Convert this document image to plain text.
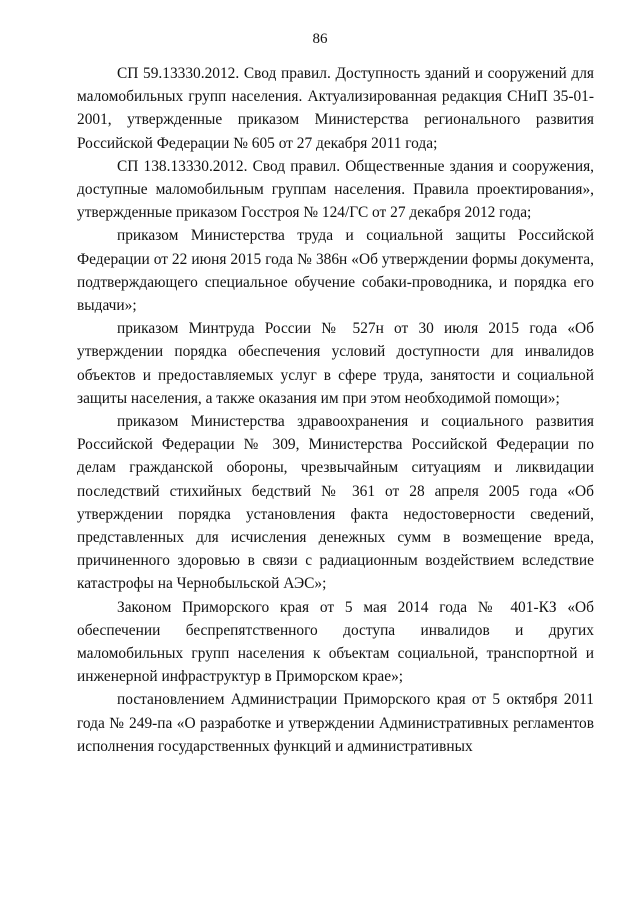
86

СП 59.13330.2012. Свод правил. Доступность зданий и сооружений для маломобильных групп населения. Актуализированная редакция СНиП 35-01-2001, утвержденные приказом Министерства регионального развития Российской Федерации № 605 от 27 декабря 2011 года;

СП 138.13330.2012. Свод правил. Общественные здания и сооружения, доступные маломобильным группам населения. Правила проектирования», утвержденные приказом Госстроя № 124/ГС от 27 декабря 2012 года;

приказом Министерства труда и социальной защиты Российской Федерации от 22 июня 2015 года № 386н «Об утверждении формы документа, подтверждающего специальное обучение собаки-проводника, и порядка его выдачи»;

приказом Минтруда России № 527н от 30 июля 2015 года «Об утверждении порядка обеспечения условий доступности для инвалидов объектов и предоставляемых услуг в сфере труда, занятости и социальной защиты населения, а также оказания им при этом необходимой помощи»;

приказом Министерства здравоохранения и социального развития Российской Федерации № 309, Министерства Российской Федерации по делам гражданской обороны, чрезвычайным ситуациям и ликвидации последствий стихийных бедствий № 361 от 28 апреля 2005 года «Об утверждении порядка установления факта недостоверности сведений, представленных для исчисления денежных сумм в возмещение вреда, причиненного здоровью в связи с радиационным воздействием вследствие катастрофы на Чернобыльской АЭС»;

Законом Приморского края от 5 мая 2014 года № 401-КЗ «Об обеспечении беспрепятственного доступа инвалидов и других маломобильных групп населения к объектам социальной, транспортной и инженерной инфраструктур в Приморском крае»;

постановлением Администрации Приморского края от 5 октября 2011 года № 249-па «О разработке и утверждении Административных регламентов исполнения государственных функций и административных
